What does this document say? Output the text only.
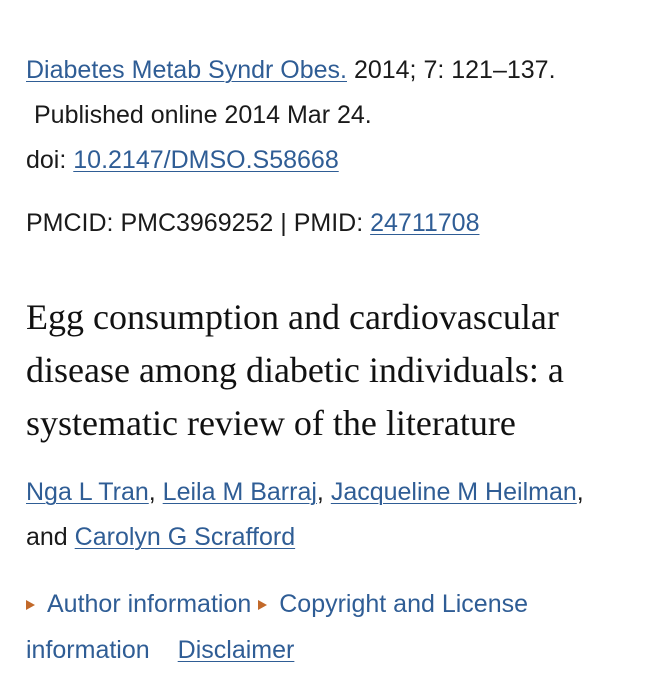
Diabetes Metab Syndr Obes. 2014; 7: 121–137.
Published online 2014 Mar 24.
doi: 10.2147/DMSO.S58668
PMCID: PMC3969252 | PMID: 24711708
Egg consumption and cardiovascular disease among diabetic individuals: a systematic review of the literature
Nga L Tran, Leila M Barraj, Jacqueline M Heilman,
and Carolyn G Scrafford
Author information Copyright and License
information Disclaimer
